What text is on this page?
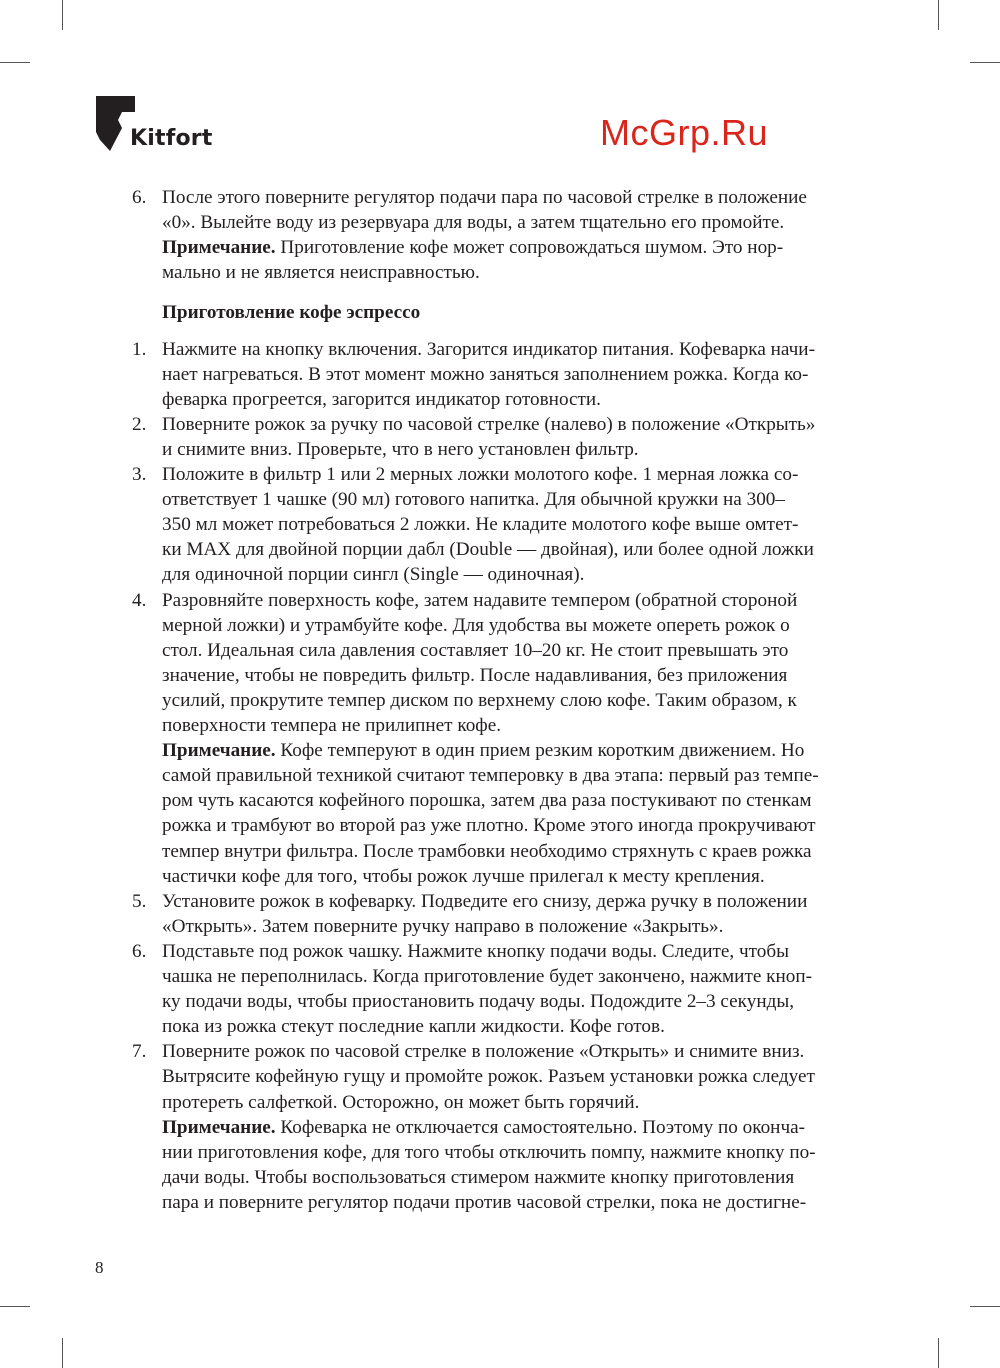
Kitfort
6. После этого поверните регулятор подачи пара по часовой стрелке в положение
«0». Вылейте воду из резервуара для воды, а затем тщательно его промойте.
Примечание. Приготовление кофе может сопровождаться шумом. Это нор-
мально и не является неисправностью.
Приготовление кофе эспрессо
1. Нажмите на кнопку включения. Загорится индикатор питания. Кофеварка начи-
нает нагреваться. В этот момент можно заняться заполнением рожка. Когда ко-
феварка прогреется, загорится индикатор готовности.
2. Поверните рожок за ручку по часовой стрелке (налево) в положение «Открыть»
и снимите вниз. Проверьте, что в него установлен фильтр.
3. Положите в фильтр 1 или 2 мерных ложки молотого кофе. 1 мерная ложка со-
ответствует 1 чашке (90 мл) готового напитка. Для обычной кружки на 300–
350 мл может потребоваться 2 ложки. Не кладите молотого кофе выше омтет-
ки MAX для двойной порции дабл (Double — двойная), или более одной ложки
для одиночной порции сингл (Single — одиночная).
4. Разровняйте поверхность кофе, затем надавите темпером (обратной стороной
мерной ложки) и утрамбуйте кофе. Для удобства вы можете опереть рожок о
стол. Идеальная сила давления составляет 10–20 кг. Не стоит превышать это
значение, чтобы не повредить фильтр. После надавливания, без приложения
усилий, прокрутите темпер диском по верхнему слою кофе. Таким образом, к
поверхности темпера не прилипнет кофе.
Примечание. Кофе темперуют в один прием резким коротким движением. Но
самой правильной техникой считают темперовку в два этапа: первый раз темпе-
ром чуть касаются кофейного порошка, затем два раза постукивают по стенкам
рожка и трамбуют во второй раз уже плотно. Кроме этого иногда прокручивают
темпер внутри фильтра. После трамбовки необходимо стряхнуть с краев рожка
частички кофе для того, чтобы рожок лучше прилегал к месту крепления.
5. Установите рожок в кофеварку. Подведите его снизу, держа ручку в положении
«Открыть». Затем поверните ручку направо в положение «Закрыть».
6. Подставьте под рожок чашку. Нажмите кнопку подачи воды. Следите, чтобы
чашка не переполнилась. Когда приготовление будет закончено, нажмите кноп-
ку подачи воды, чтобы приостановить подачу воды. Подождите 2–3 секунды,
пока из рожка стекут последние капли жидкости. Кофе готов.
7. Поверните рожок по часовой стрелке в положение «Открыть» и снимите вниз.
Вытрясите кофейную гущу и промойте рожок. Разъем установки рожка следует
протереть салфеткой. Осторожно, он может быть горячий.
Примечание. Кофеварка не отключается самостоятельно. Поэтому по оконча-
нии приготовления кофе, для того чтобы отключить помпу, нажмите кнопку по-
дачи воды. Чтобы воспользоваться стимером нажмите кнопку приготовления
пара и поверните регулятор подачи против часовой стрелки, пока не достигне-
McGrp.Ru
8
